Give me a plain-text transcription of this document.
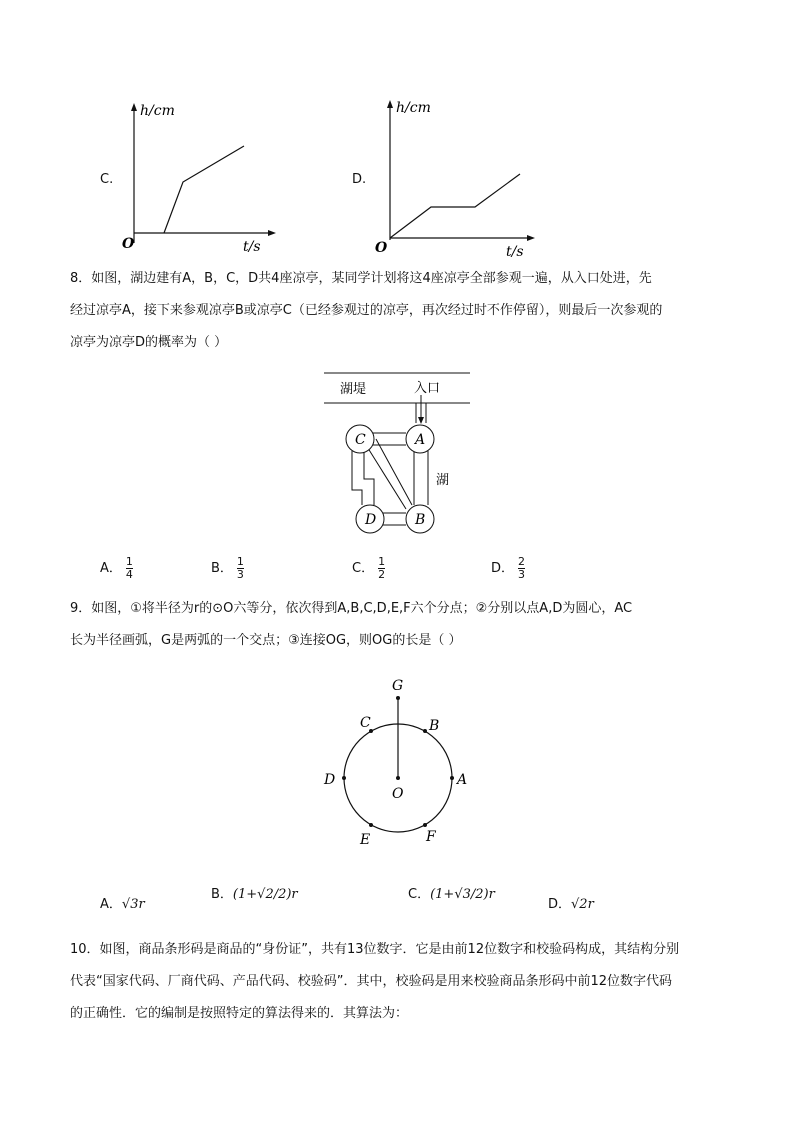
C.
h/cm
t/s
O
D.
h/cm
t/s
O
8．如图，湖边建有A，B，C，D共4座凉亭，某同学计划将这4座凉亭全部参观一遍，从入口处进，先
经过凉亭A，接下来参观凉亭B或凉亭C（已经参观过的凉亭，再次经过时不作停留），则最后一次参观的
凉亭为凉亭D的概率为（ ）
湖堤	入口
C	A
D	B
湖
A． $\frac{1}{4}$	B． $\frac{1}{3}$	C． $\frac{1}{2}$	D． $\frac{2}{3}$
9．如图，①将半径为r的⊙O六等分，依次得到A,B,C,D,E,F六个分点；②分别以点A,D为圆心，AC
长为半径画弧，G是两弧的一个交点；③连接OG，则OG的长是（ ）
G
C	B
D
O
A
E	F
A．√3r
B．(1+√2/2)r	C．(1+√3/2)r
D．√2r
10．如图，商品条形码是商品的“身份证”，共有13位数字．它是由前12位数字和校验码构成，其结构分别
代表“国家代码、厂商代码、产品代码、校验码”．其中，校验码是用来校验商品条形码中前12位数字代码
的正确性．它的编制是按照特定的算法得来的．其算法为：
